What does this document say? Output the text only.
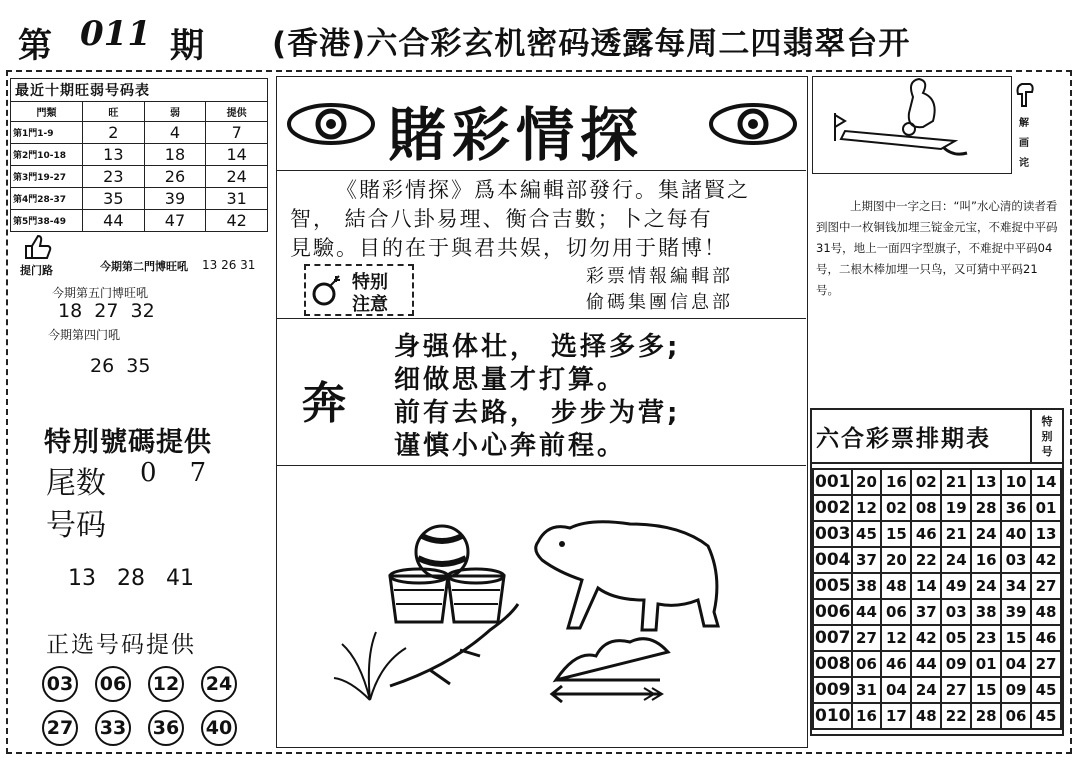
第 011 期 (香港)六合彩玄机密码透露每周二四翡翠台开
最近十期旺弱号码表
門類	旺	弱	提供
第1門1-9	2	4	7
第2門10-18	13	18	14
第3門19-27	23	26	24
第4門28-37	35	39	31
第5門38-49	44	47	42
提门路	今期第二門博旺吼 13 26 31
今期第五门博旺吼
18  27  32
今期第四门吼
26  35
特別號碼提供
尾数 0    7
号码
13   28   41
正选号码提供
03 06 12 24
27 33 36 40
賭彩情探

《賭彩情探》爲本編輯部發行。集諸賢之

智， 結合八卦易理、衡合吉數；卜之每有

見驗。目的在于與君共娱，切勿用于賭博！

特别
注意
彩票情報編輯部
偷碼集團信息部
奔
身强体壮， 选择多多;
细做思量才打算。
前有去路， 步步为营;
谨慎小心奔前程。
解
画
诧
上期图中一字之曰：“叫”水心清的读者看到图中一枚铜钱加埋三锭金元宝，不难捉中平码31号，地上一面四字型旗子，不难捉中平码04号，二根木棒加埋一只鸟，又可猜中平码21号。
六合彩票排期表
特
别
号
001	20	16	02	21	13	10	14
002	12	02	08	19	28	36	01
003	45	15	46	21	24	40	13
004	37	20	22	24	16	03	42
005	38	48	14	49	24	34	27
006	44	06	37	03	38	39	48
007	27	12	42	05	23	15	46
008	06	46	44	09	01	04	27
009	31	04	24	27	15	09	45
010	16	17	48	22	28	06	45
